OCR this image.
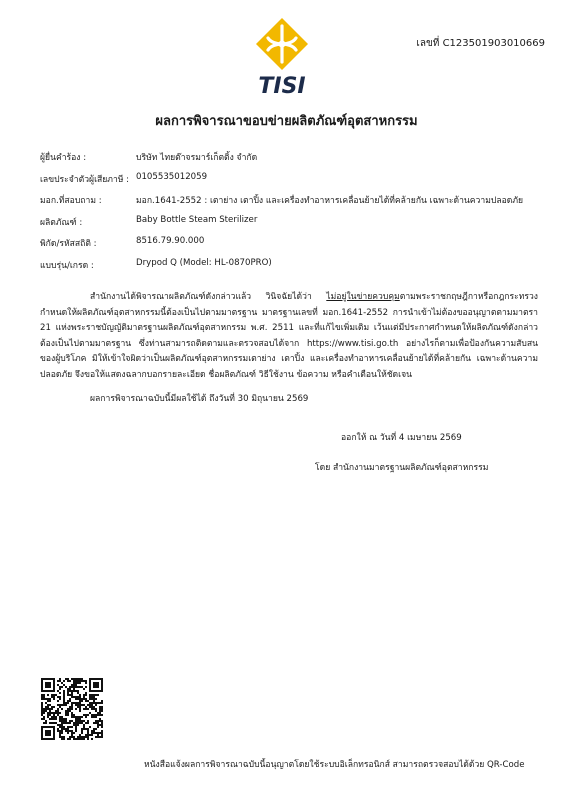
เลขที่ C123501903010669
TISI
ผลการพิจารณาขอบข่ายผลิตภัณฑ์อุตสาหกรรม
ผู้ยื่นคำร้อง :	บริษัท ไทยต๊าจรมาร์เก็ตติ้ง จำกัด
เลขประจำตัวผู้เสียภาษี : 0105535012059
มอก.ที่สอบถาม :	มอก.1641-2552 : เตาย่าง เตาปิ้ง และเครื่องทำอาหารเคลื่อนย้ายได้ที่คล้ายกัน เฉพาะด้านความปลอดภัย
ผลิตภัณฑ์ :	Baby Bottle Steam Sterilizer
พิกัด/รหัสสถิติ :	8516.79.90.000
แบบรุ่น/เกรด :	Drypod Q (Model: HL-0870PRO)
สำนักงานได้พิจารณาผลิตภัณฑ์ดังกล่าวแล้ว วินิจฉัยได้ว่า ไม่อยู่ในข่ายควบคุมตามพระราชกฤษฎีกาหรือกฎกระทรวงกำหนดให้ผลิตภัณฑ์อุตสาหกรรมนี้ต้องเป็นไปตามมาตรฐาน มาตรฐานเลขที่ มอก.1641-2552 การนำเข้าไม่ต้องขออนุญาตตามมาตรา 21 แห่งพระราชบัญญัติมาตรฐานผลิตภัณฑ์อุตสาหกรรม พ.ศ. 2511 และที่แก้ไขเพิ่มเติม เว้นแต่มีประกาศกำหนดให้ผลิตภัณฑ์ดังกล่าวต้องเป็นไปตามมาตรฐาน ซึ่งท่านสามารถติดตามและตรวจสอบได้จาก https://www.tisi.go.th อย่างไรก็ตามเพื่อป้องกันความสับสนของผู้บริโภค มิให้เข้าใจผิดว่าเป็นผลิตภัณฑ์อุตสาหกรรมเตาย่าง เตาปิ้ง และเครื่องทำอาหารเคลื่อนย้ายได้ที่คล้ายกัน เฉพาะด้านความปลอดภัย จึงขอให้แสดงฉลากบอกรายละเอียด ชื่อผลิตภัณฑ์ วิธีใช้งาน ข้อความ หรือคำเตือนให้ชัดเจน
ผลการพิจารณาฉบับนี้มีผลใช้ได้ ถึงวันที่ 30 มิถุนายน 2569
ออกให้ ณ วันที่ 4 เมษายน 2569
โดย สำนักงานมาตรฐานผลิตภัณฑ์อุตสาหกรรม
หนังสือแจ้งผลการพิจารณาฉบับนี้อนุญาตโดยใช้ระบบอิเล็กทรอนิกส์ สามารถตรวจสอบได้ด้วย QR-Code
